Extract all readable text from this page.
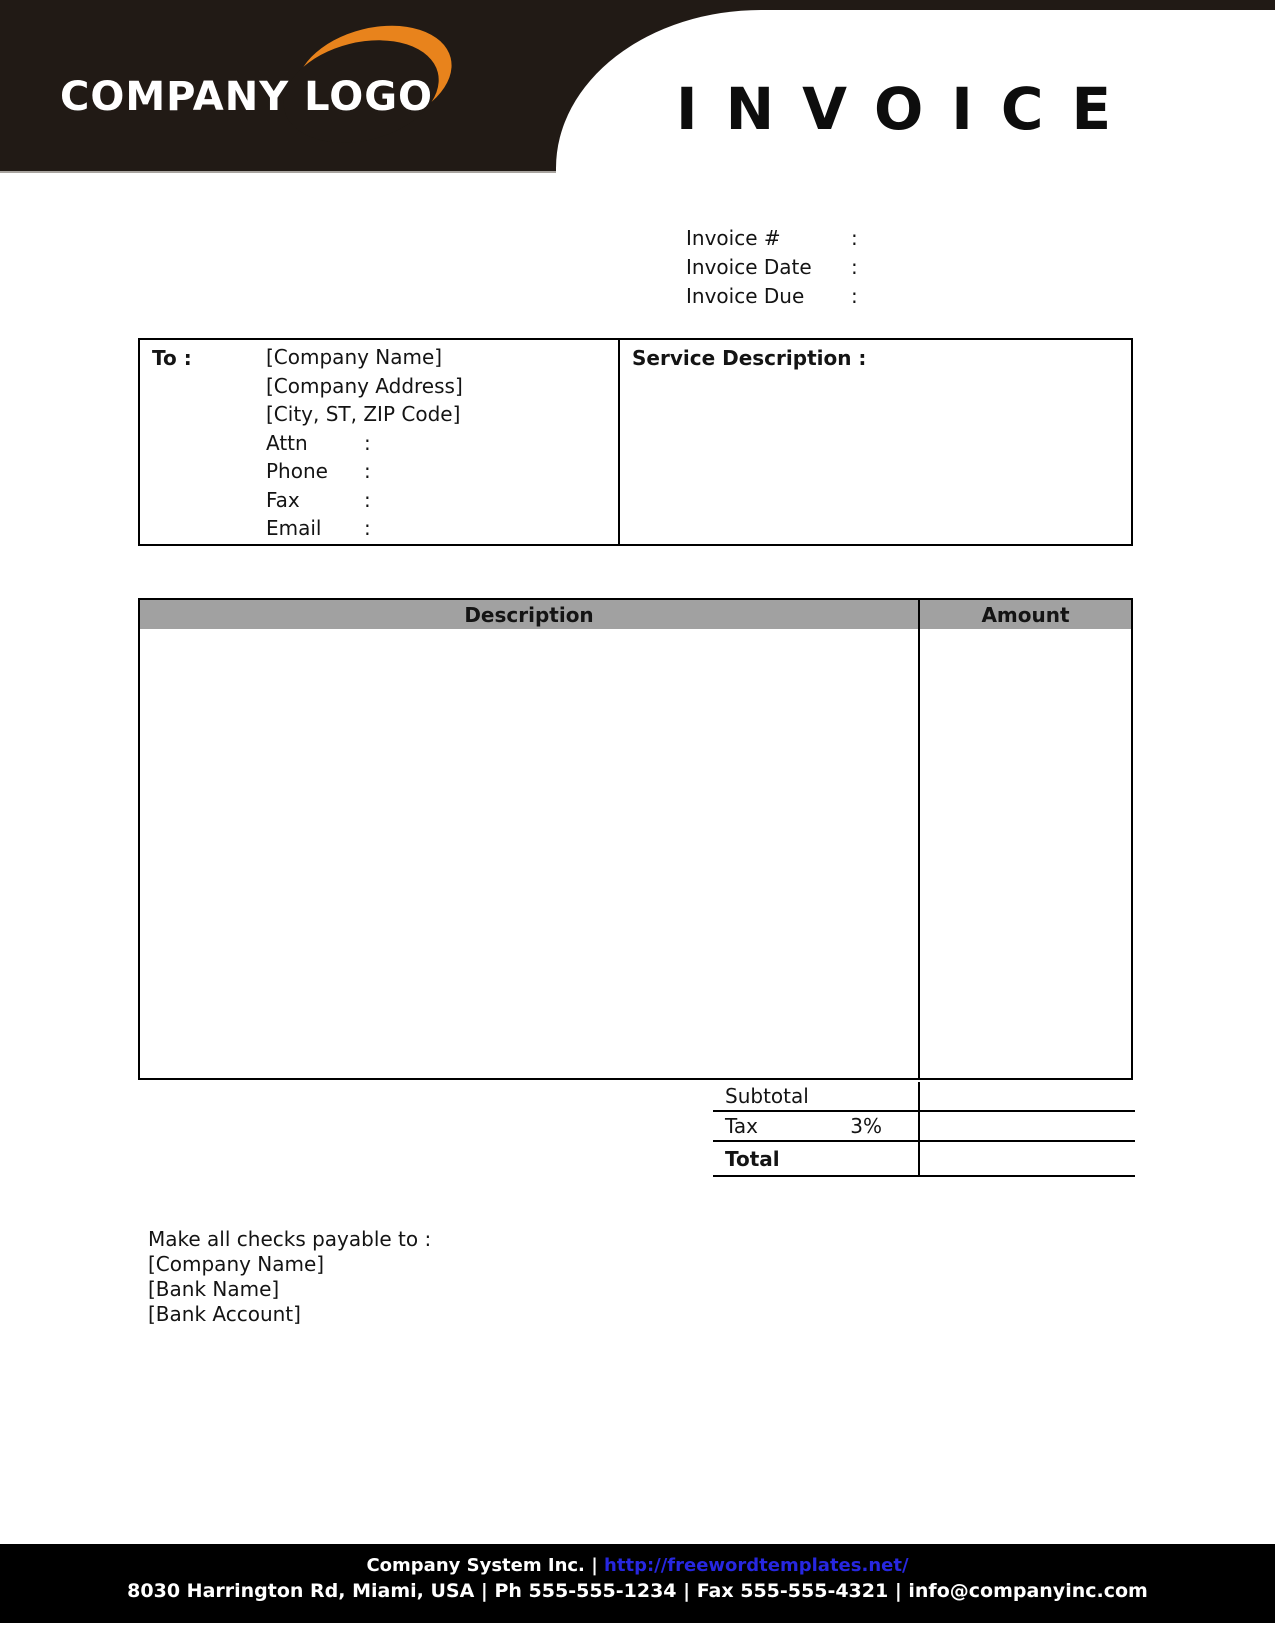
COMPANY LOGO	INVOICE
Invoice #	:
Invoice Date	:
Invoice Due	:
To :	[Company Name]
[Company Address]
[City, ST, ZIP Code]
Attn	:
Phone :
Fax	:
Email :
Service Description :
Description	Amount
Subtotal
Tax	3%
Total
Make all checks payable to :
[Company Name]
[Bank Name]
[Bank Account]
Company System Inc. | http://freewordtemplates.net/
8030 Harrington Rd, Miami, USA | Ph 555-555-1234 | Fax 555-555-4321 | info@companyinc.com
